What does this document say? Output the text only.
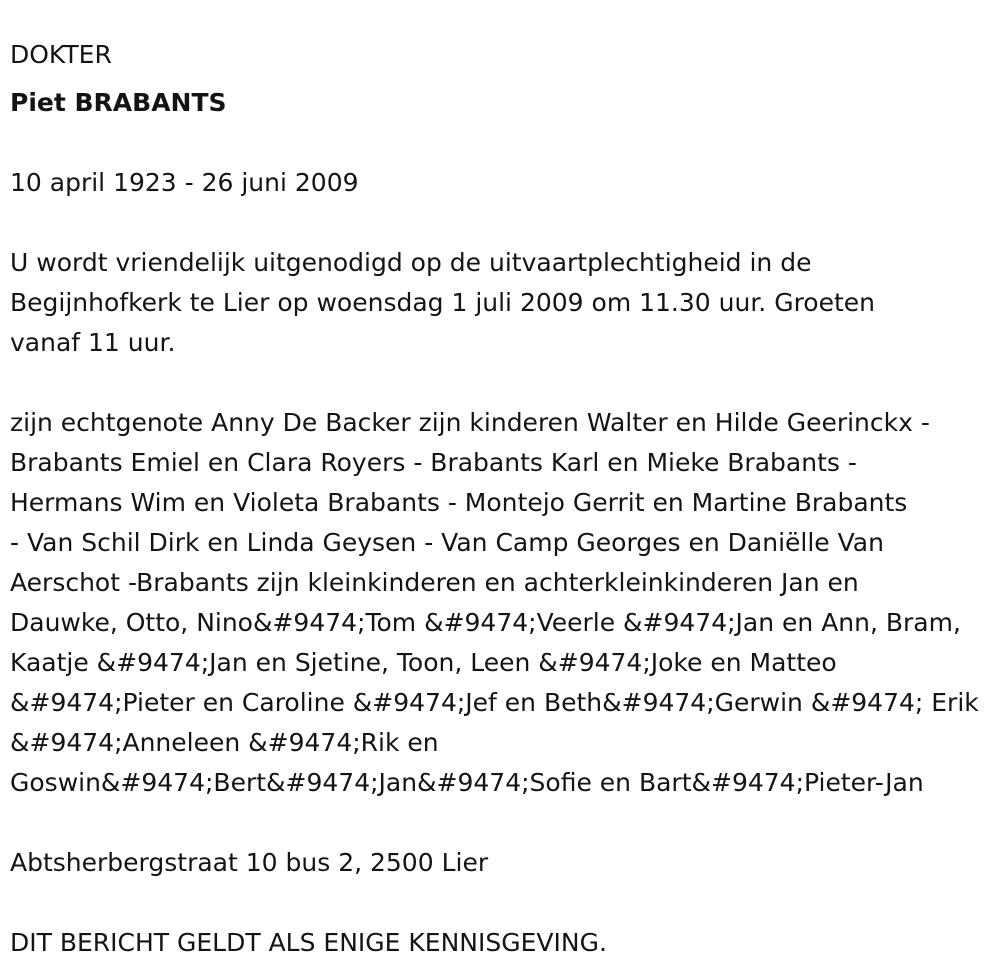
DOKTER
Piet BRABANTS
10 april 1923 - 26 juni 2009
U wordt vriendelijk uitgenodigd op de uitvaartplechtigheid in de
Begijnhofkerk te Lier op woensdag 1 juli 2009 om 11.30 uur. Groeten
vanaf 11 uur.
zijn echtgenote Anny De Backer zijn kinderen Walter en Hilde Geerinckx -
Brabants Emiel en Clara Royers - Brabants Karl en Mieke Brabants -
Hermans Wim en Violeta Brabants - Montejo Gerrit en Martine Brabants
- Van Schil Dirk en Linda Geysen - Van Camp Georges en Daniëlle Van
Aerschot -Brabants zijn kleinkinderen en achterkleinkinderen Jan en
Dauwke, Otto, Nino&#9474;Tom &#9474;Veerle &#9474;Jan en Ann, Bram,
Kaatje &#9474;Jan en Sjetine, Toon, Leen &#9474;Joke en Matteo
&#9474;Pieter en Caroline &#9474;Jef en Beth&#9474;Gerwin &#9474; Erik
&#9474;Anneleen &#9474;Rik en
Goswin&#9474;Bert&#9474;Jan&#9474;Sofie en Bart&#9474;Pieter-Jan
Abtsherbergstraat 10 bus 2, 2500 Lier
DIT BERICHT GELDT ALS ENIGE KENNISGEVING.
